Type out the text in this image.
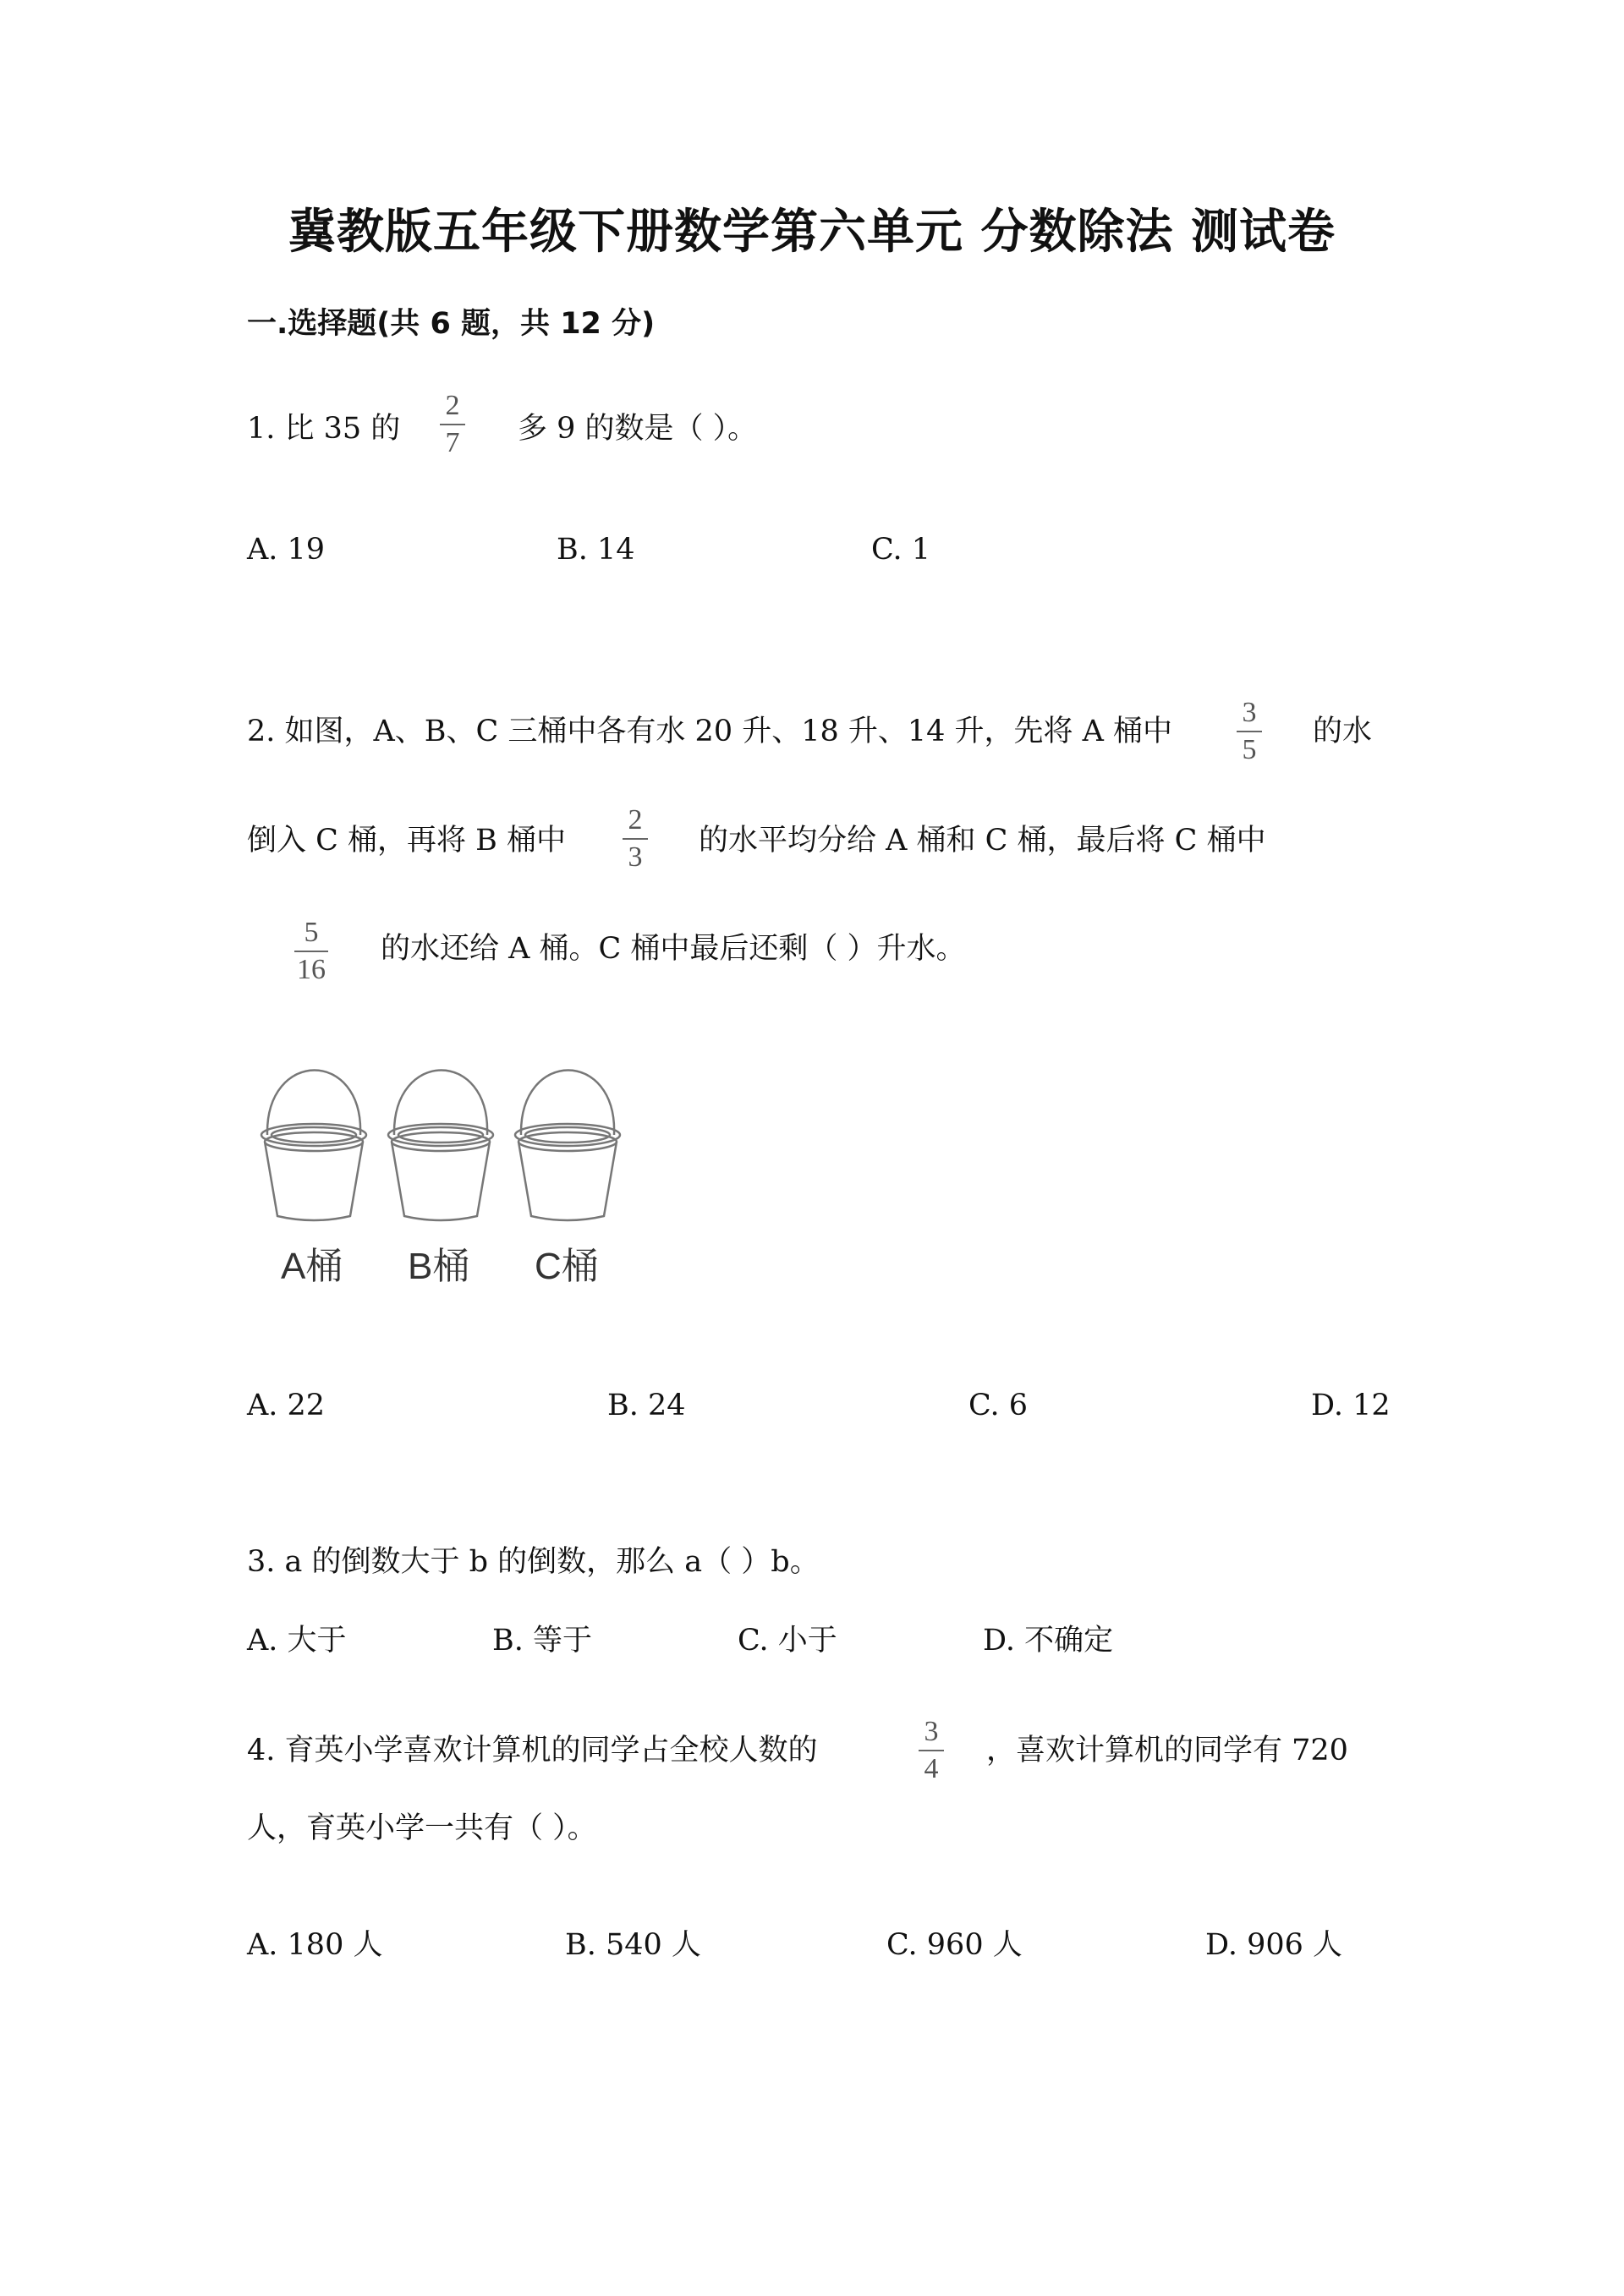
冀教版五年级下册数学第六单元 分数除法 测试卷
一.选择题(共 6 题，共 12 分)
1. 比 35 的
2
7 多 9 的数是（ ）。
A. 19	B. 14	C. 1
2. 如图，A、B、C 三桶中各有水 20 升、18 升、14 升，先将 A 桶中
3
5
的水
倒入 C 桶，再将 B 桶中
2
3 的水平均分给 A 桶和 C 桶，最后将 C 桶中
5
16
的水还给 A 桶。C 桶中最后还剩（ ）升水。
A桶 B桶 C桶
A. 22	B. 24	C. 6	D. 12
3. a 的倒数大于 b 的倒数，那么 a（ ）b。
A. 大于	B. 等于	C. 小于	D. 不确定
4. 育英小学喜欢计算机的同学占全校人数的
3
4
，喜欢计算机的同学有 720
人，育英小学一共有（ ）。
A. 180 人	B. 540 人	C. 960 人	D. 906 人
